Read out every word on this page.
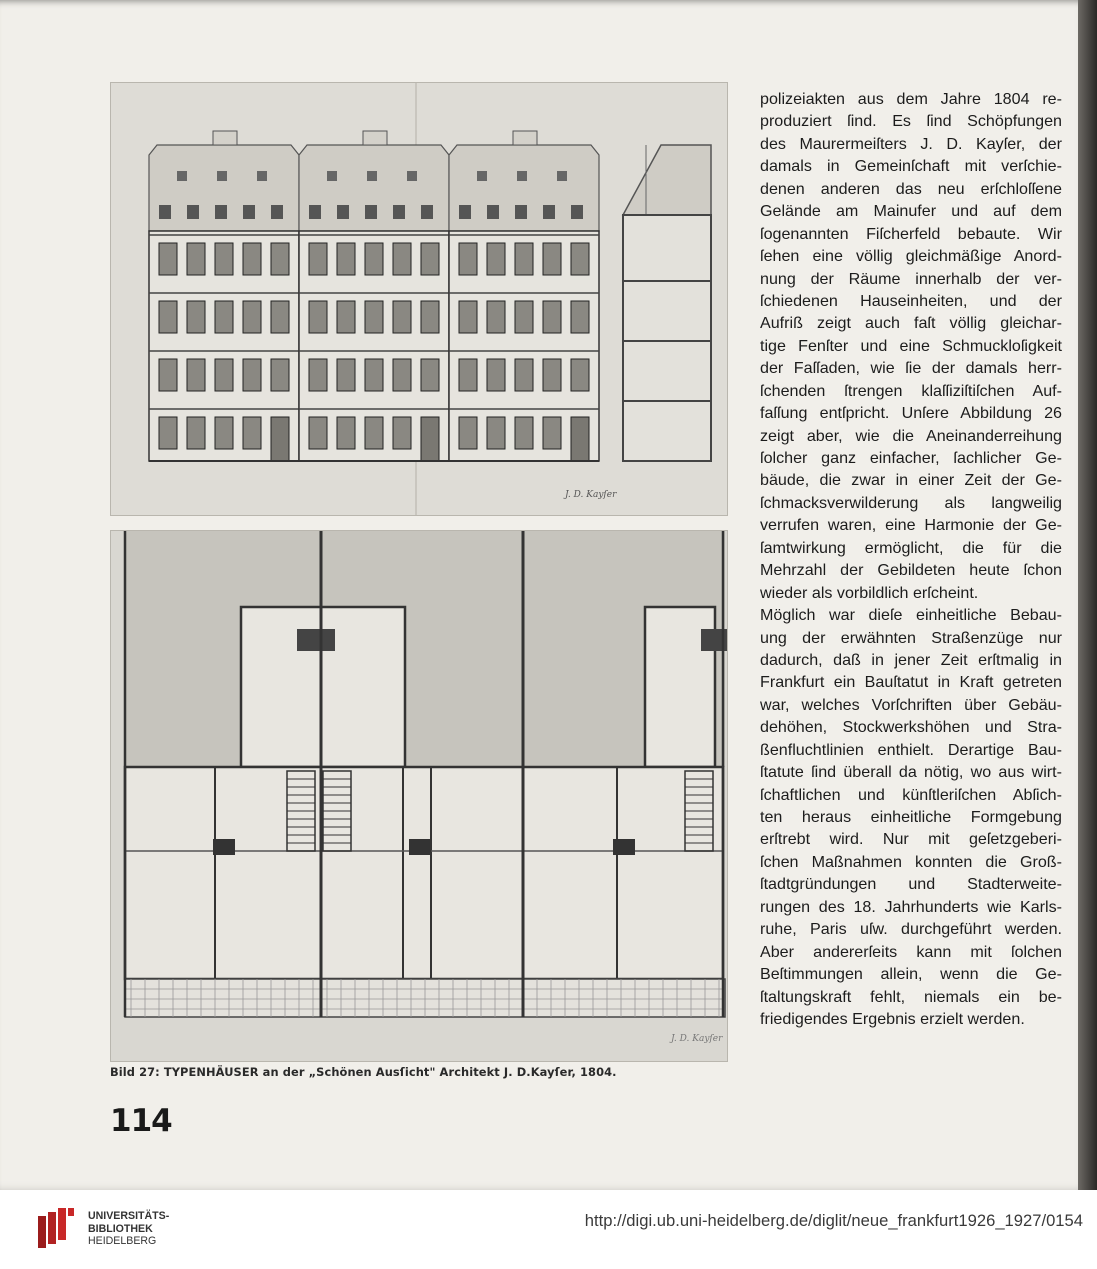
J. D. Kayſer
J. D. Kayſer
Bild 27: TYPENHÄUSER an der „Schönen Ausſicht" Architekt J. D.Kayſer, 1804.
polizeiakten aus dem Jahre 1804 re-
produziert ſind. Es ſind Schöpfungen
des Maurermeiſters J. D. Kayſer, der
damals in Gemeinſchaft mit verſchie-
denen anderen das neu erſchloſſene
Gelände am Mainufer und auf dem
ſogenannten Fiſcherfeld bebaute. Wir
ſehen eine völlig gleichmäßige Anord-
nung der Räume innerhalb der ver-
ſchiedenen Hauseinheiten, und der
Aufriß zeigt auch faſt völlig gleichar-
tige Fenſter und eine Schmuckloſigkeit
der Faſſaden, wie ſie der damals herr-
ſchenden ſtrengen klaſſiziſtiſchen Auf-
faſſung entſpricht. Unſere Abbildung 26
zeigt aber, wie die Aneinanderreihung
ſolcher ganz einfacher, ſachlicher Ge-
bäude, die zwar in einer Zeit der Ge-
ſchmacksverwilderung als langweilig
verrufen waren, eine Harmonie der Ge-
ſamtwirkung ermöglicht, die für die
Mehrzahl der Gebildeten heute ſchon
wieder als vorbildlich erſcheint.
Möglich war dieſe einheitliche Bebau-
ung der erwähnten Straßenzüge nur
dadurch, daß in jener Zeit erſtmalig in
Frankfurt ein Bauſtatut in Kraft getreten
war, welches Vorſchriften über Gebäu-
dehöhen, Stockwerkshöhen und Stra-
ßenfluchtlinien enthielt. Derartige Bau-
ſtatute ſind überall da nötig, wo aus wirt-
ſchaftlichen und künſtleriſchen Abſich-
ten heraus einheitliche Formgebung
erſtrebt wird. Nur mit geſetzgeberi-
ſchen Maßnahmen konnten die Groß-
ſtadtgründungen und Stadterweite-
rungen des 18. Jahrhunderts wie Karls-
ruhe, Paris uſw. durchgeführt werden.
Aber andererſeits kann mit ſolchen
Beſtimmungen allein, wenn die Ge-
ſtaltungskraft fehlt, niemals ein be-
friedigendes Ergebnis erzielt werden.
114
UNIVERSITÄTS-
BIBLIOTHEK
HEIDELBERG
http://digi.ub.uni-heidelberg.de/diglit/neue_frankfurt1926_1927/0154
